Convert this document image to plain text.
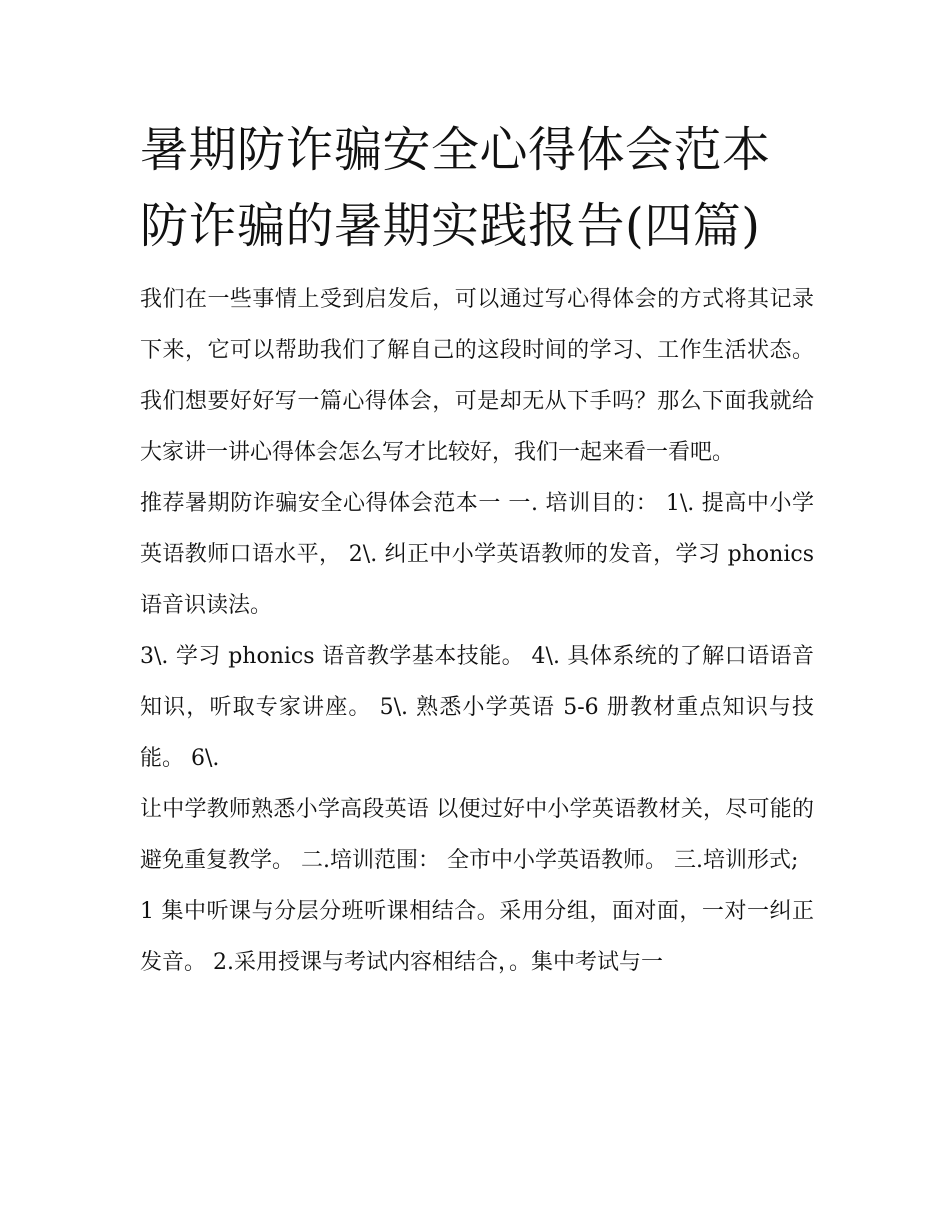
暑期防诈骗安全心得体会范本
防诈骗的暑期实践报告(四篇)

我们在一些事情上受到启发后，可以通过写心得体会的方式将其记录下来，它可以帮助我们了解自己的这段时间的学习、工作生活状态。我们想要好好写一篇心得体会，可是却无从下手吗？那么下面我就给大家讲一讲心得体会怎么写才比较好，我们一起来看一看吧。

推荐暑期防诈骗安全心得体会范本一 一. 培训目的： 1\. 提高中小学英语教师口语水平， 2\. 纠正中小学英语教师的发音，学习 phonics 语音识读法。

3\. 学习 phonics 语音教学基本技能。 4\. 具体系统的了解口语语音知识，听取专家讲座。 5\. 熟悉小学英语 5-6 册教材重点知识与技能。 6\.

让中学教师熟悉小学高段英语 以便过好中小学英语教材关，尽可能的避免重复教学。 二.培训范围： 全市中小学英语教师。 三.培训形式;

1 集中听课与分层分班听课相结合。采用分组，面对面，一对一纠正发音。 2.采用授课与考试内容相结合，。集中考试与一
